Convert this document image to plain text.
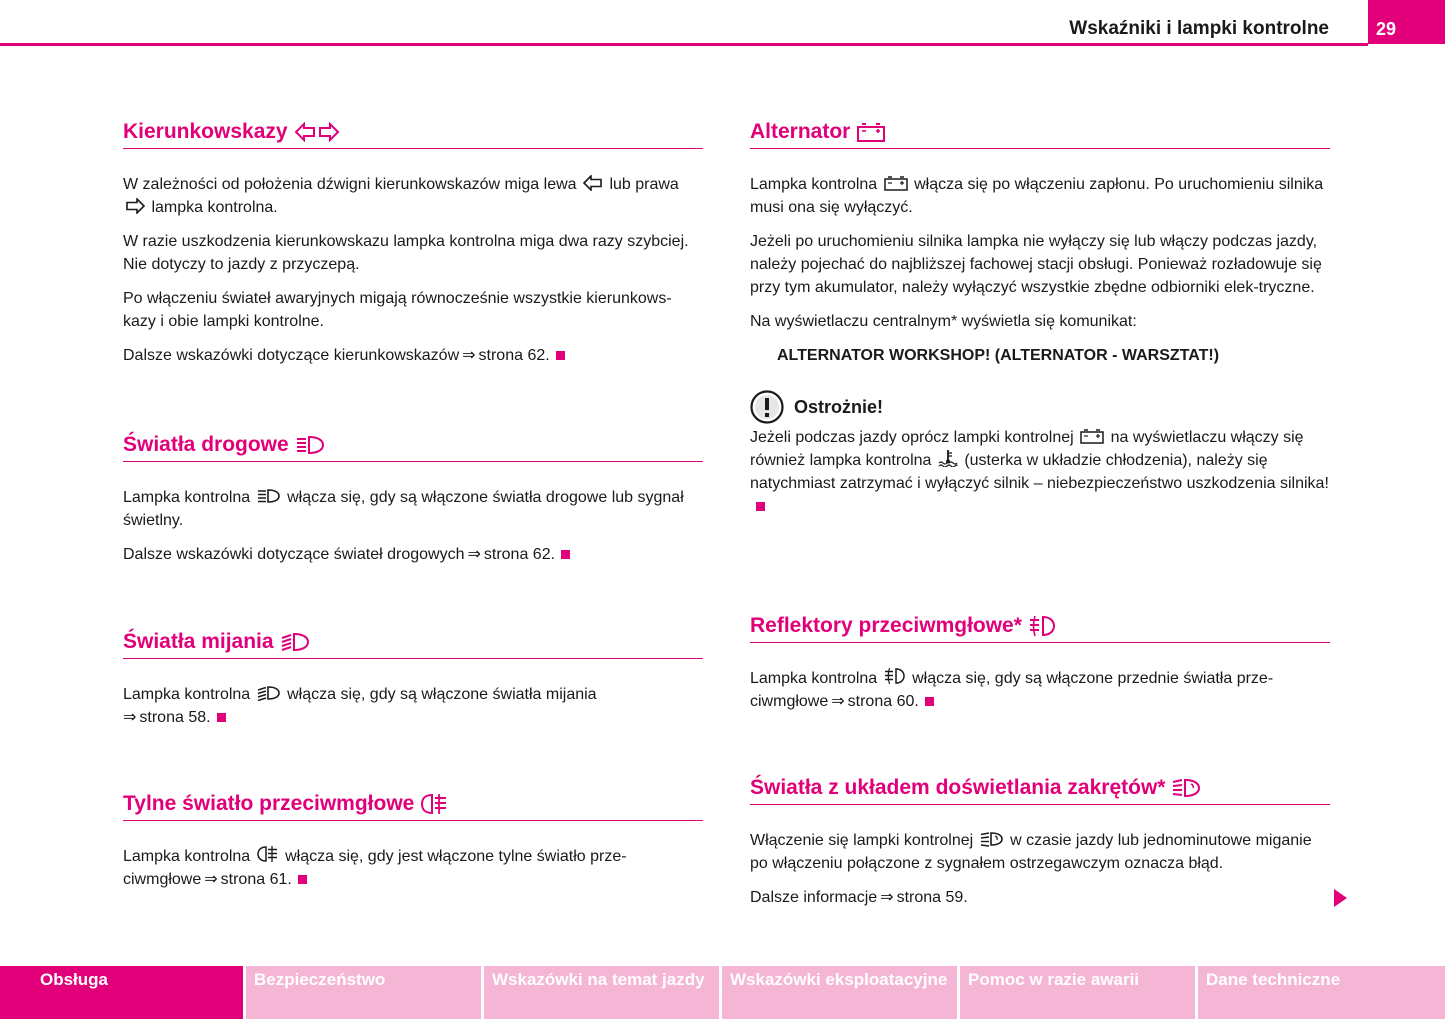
Wskaźniki i lampki kontrolne	29
Kierunkowskazy
W zależności od położenia dźwigni kierunkowskazów miga lewa lub prawa
lampka kontrolna.
W razie uszkodzenia kierunkowskazu lampka kontrolna miga dwa razy szybciej. Nie dotyczy to jazdy z przyczepą.
Po włączeniu świateł awaryjnych migają równocześnie wszystkie kierunkows-kazy i obie lampki kontrolne.
Dalsze wskazówki dotyczące kierunkowskazów ⇒ strona 62.
Światła drogowe
Lampka kontrolna włącza się, gdy są włączone światła drogowe lub sygnał świetlny.
Dalsze wskazówki dotyczące świateł drogowych ⇒ strona 62.
Światła mijania
Lampka kontrolna włącza się, gdy są włączone światła mijania
⇒ strona 58.
Tylne światło przeciwmgłowe
Lampka kontrolna włącza się, gdy jest włączone tylne światło prze-ciwmgłowe ⇒ strona 61.
Alternator
Lampka kontrolna włącza się po włączeniu zapłonu. Po uruchomieniu silnika musi ona się wyłączyć.
Jeżeli po uruchomieniu silnika lampka nie wyłączy się lub włączy podczas jazdy, należy pojechać do najbliższej fachowej stacji obsługi. Ponieważ rozładowuje się przy tym akumulator, należy wyłączyć wszystkie zbędne odbiorniki elek-tryczne.
Na wyświetlaczu centralnym* wyświetla się komunikat:
ALTERNATOR WORKSHOP! (ALTERNATOR - WARSZTAT!)
Ostrożnie!
Jeżeli podczas jazdy oprócz lampki kontrolnej na wyświetlaczu włączy się również lampka kontrolna (usterka w układzie chłodzenia), należy się natychmiast zatrzymać i wyłączyć silnik – niebezpieczeństwo uszkodzenia silnika!
Reflektory przeciwmgłowe*
Lampka kontrolna włącza się, gdy są włączone przednie światła prze-ciwmgłowe ⇒ strona 60.
Światła z układem doświetlania zakrętów*
Włączenie się lampki kontrolnej w czasie jazdy lub jednominutowe miganie po włączeniu połączone z sygnałem ostrzegawczym oznacza błąd.
Dalsze informacje ⇒ strona 59.
Obsługa	Bezpieczeństwo	Wskazówki na temat jazdy	Wskazówki eksploatacyjne	Pomoc w razie awarii	Dane techniczne
